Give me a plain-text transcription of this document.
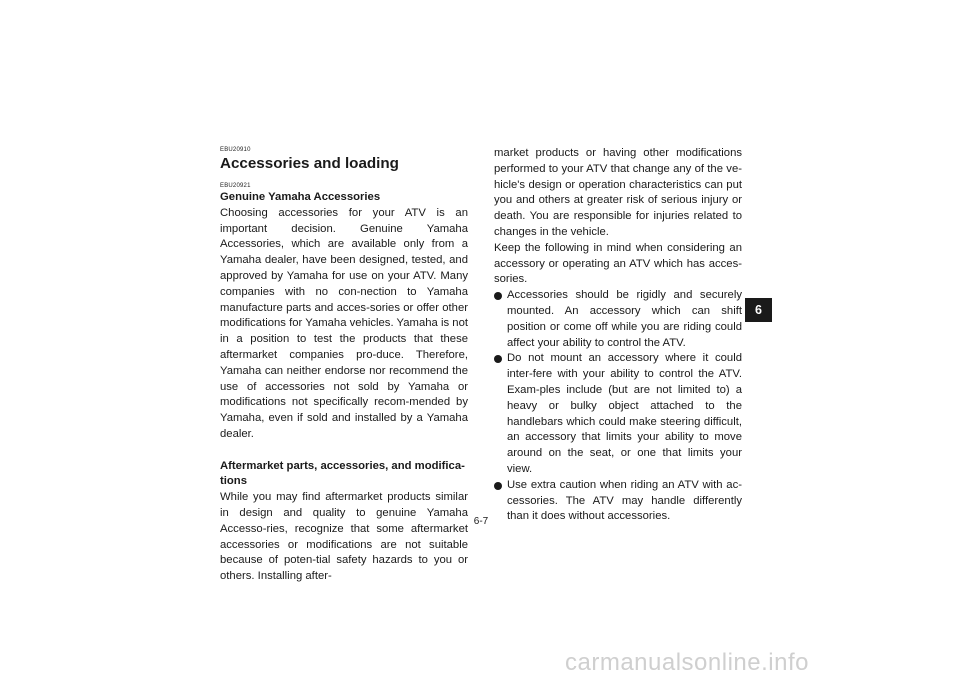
EBU20910
Accessories and loading
EBU20921
Genuine Yamaha Accessories

Choosing accessories for your ATV is an important decision. Genuine Yamaha Accessories, which are available only from a Yamaha dealer, have been designed, tested, and approved by Yamaha for use on your ATV. Many companies with no con-nection to Yamaha manufacture parts and acces-sories or offer other modifications for Yamaha vehicles. Yamaha is not in a position to test the products that these aftermarket companies pro-duce. Therefore, Yamaha can neither endorse nor recommend the use of accessories not sold by Yamaha or modifications not specifically recom-mended by Yamaha, even if sold and installed by a Yamaha dealer.

Aftermarket parts, accessories, and modifica-tions

While you may find aftermarket products similar in design and quality to genuine Yamaha Accesso-ries, recognize that some aftermarket accessories or modifications are not suitable because of poten-tial safety hazards to you or others. Installing after-

market products or having other modifications performed to your ATV that change any of the ve-hicle's design or operation characteristics can put you and others at greater risk of serious injury or death. You are responsible for injuries related to changes in the vehicle.

Keep the following in mind when considering an accessory or operating an ATV which has acces-sories.

Accessories should be rigidly and securely mounted. An accessory which can shift position or come off while you are riding could affect your ability to control the ATV.
Do not mount an accessory where it could inter-fere with your ability to control the ATV. Exam-ples include (but are not limited to) a heavy or bulky object attached to the handlebars which could make steering difficult, an accessory that limits your ability to move around on the seat, or one that limits your view.
Use extra caution when riding an ATV with ac-cessories. The ATV may handle differently than it does without accessories.
6
6-7
carmanualsonline.info
